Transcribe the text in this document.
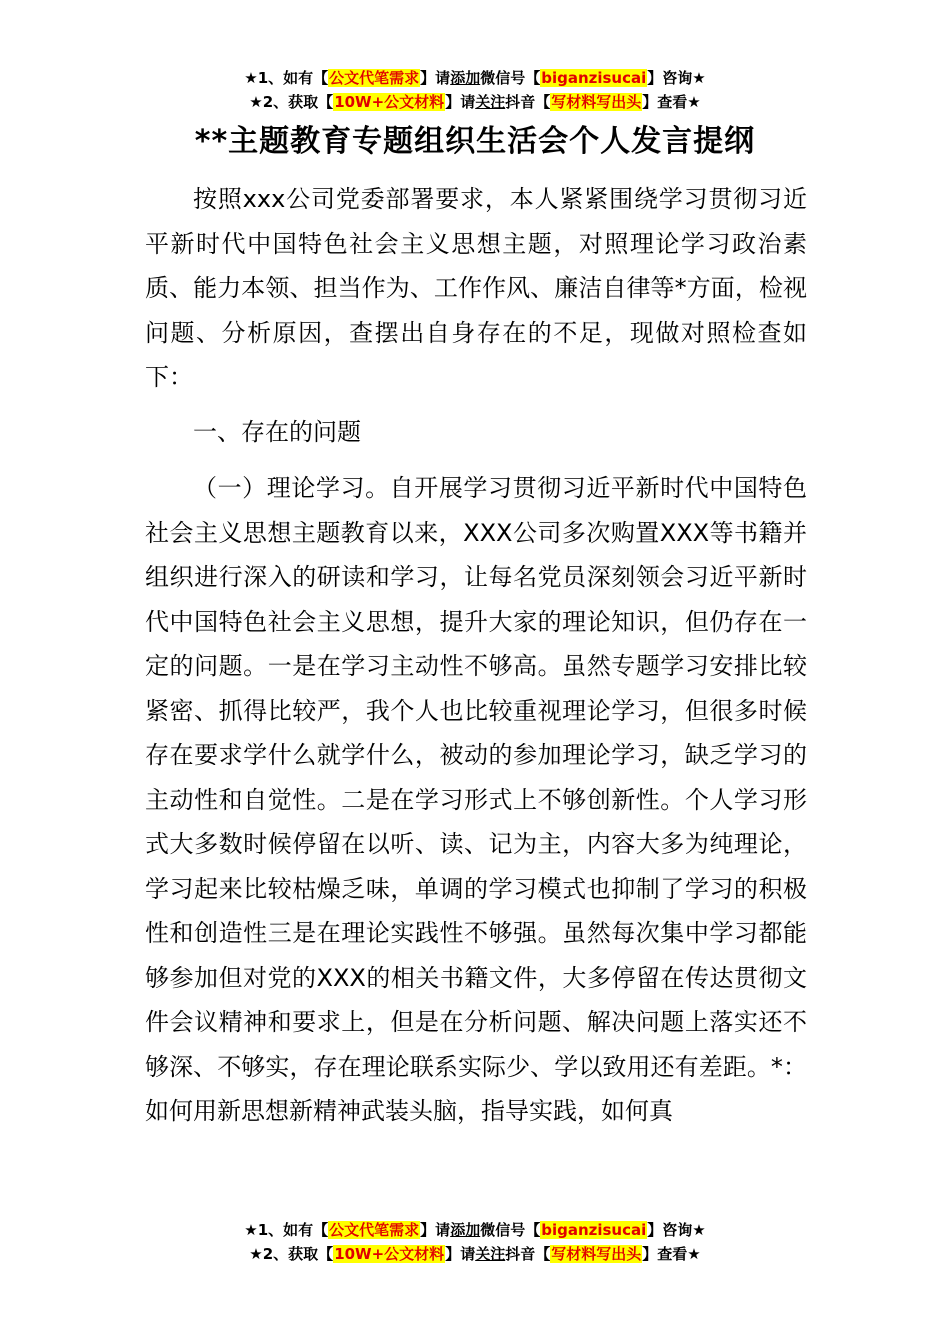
★1、如有【公文代笔需求】请添加微信号【biganzisucai】咨询★
★2、获取【10W+公文材料】请关注抖音【写材料写出头】查看★
**主题教育专题组织生活会个人发言提纲

按照xxx公司党委部署要求，本人紧紧围绕学习贯彻习近平新时代中国特色社会主义思想主题，对照理论学习政治素质、能力本领、担当作为、工作作风、廉洁自律等*方面，检视问题、分析原因，查摆出自身存在的不足，现做对照检查如下：

一、存在的问题

（一）理论学习。自开展学习贯彻习近平新时代中国特色社会主义思想主题教育以来，XXX公司多次购置XXX等书籍并组织进行深入的研读和学习，让每名党员深刻领会习近平新时代中国特色社会主义思想，提升大家的理论知识，但仍存在一定的问题。一是在学习主动性不够高。虽然专题学习安排比较紧密、抓得比较严，我个人也比较重视理论学习，但很多时候存在要求学什么就学什么，被动的参加理论学习，缺乏学习的主动性和自觉性。二是在学习形式上不够创新性。个人学习形式大多数时候停留在以听、读、记为主，内容大多为纯理论，学习起来比较枯燥乏味，单调的学习模式也抑制了学习的积极性和创造性三是在理论实践性不够强。虽然每次集中学习都能够参加但对党的XXX的相关书籍文件，大多停留在传达贯彻文件会议精神和要求上，但是在分析问题、解决问题上落实还不够深、不够实，存在理论联系实际少、学以致用还有差距。*：如何用新思想新精神武装头脑，指导实践，如何真

★1、如有【公文代笔需求】请添加微信号【biganzisucai】咨询★
★2、获取【10W+公文材料】请关注抖音【写材料写出头】查看★
